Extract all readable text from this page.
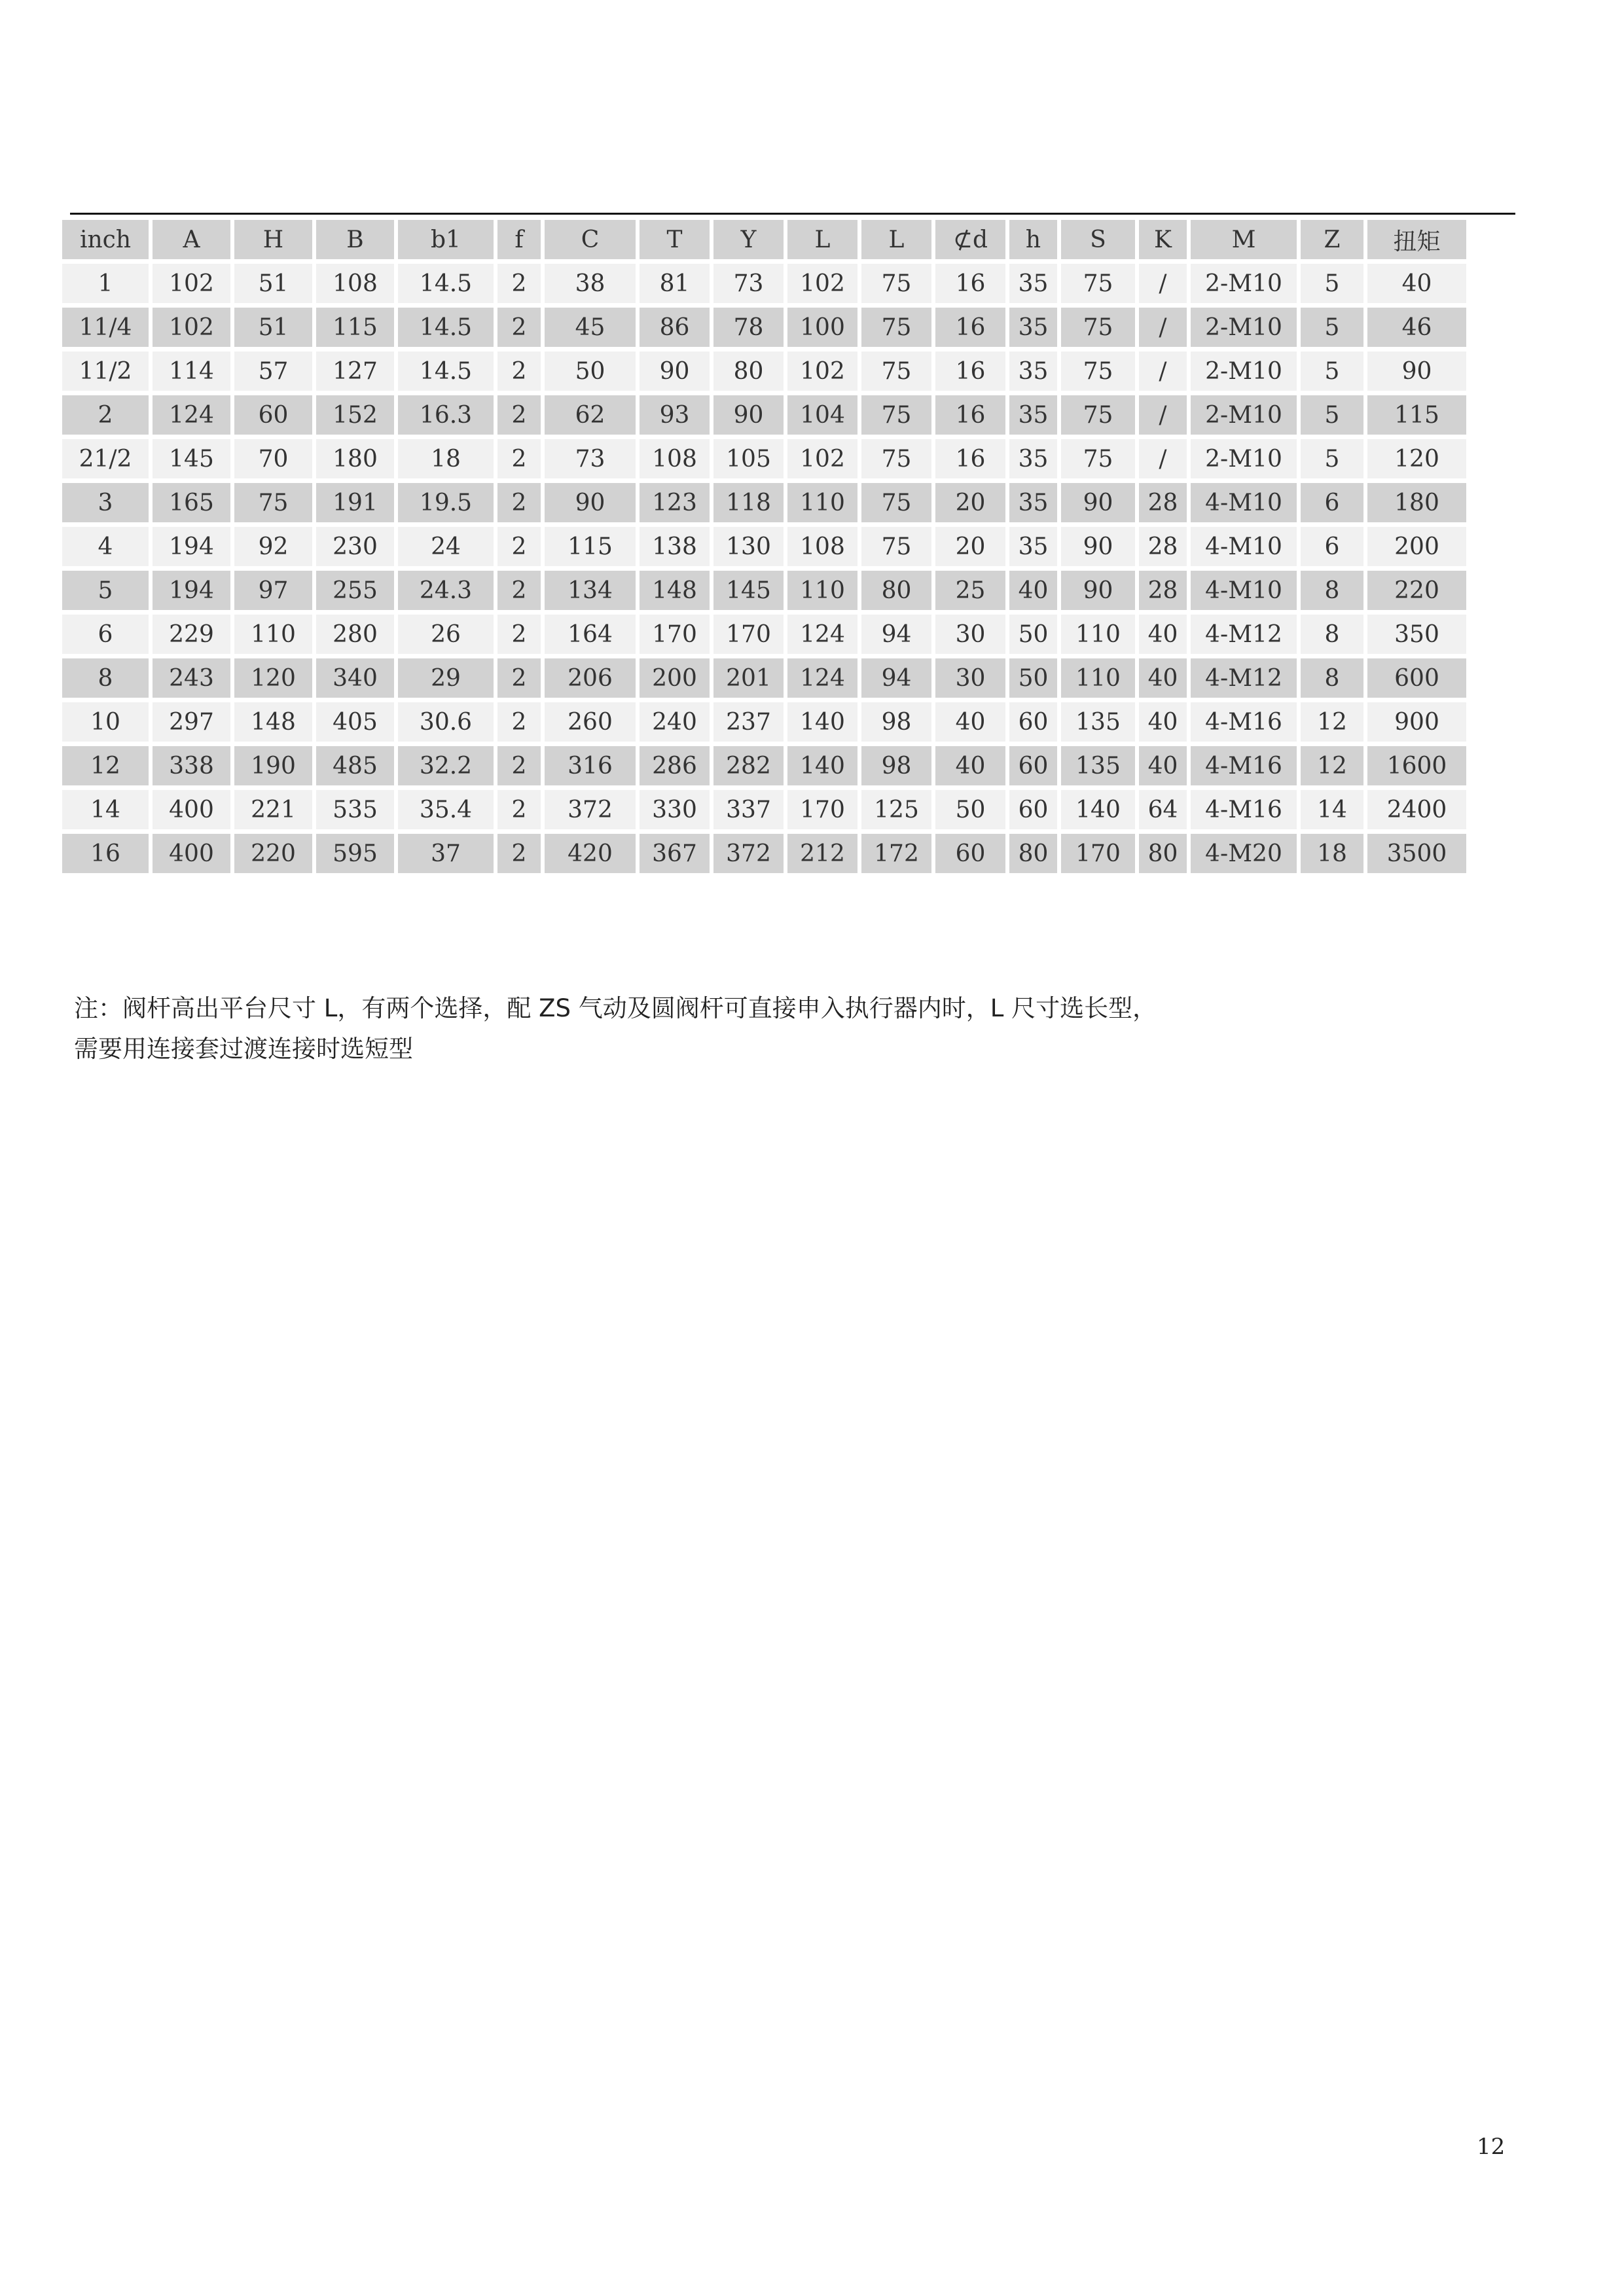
inch	A	H	B	b1	f	C	T	Y	L	L	⊄d	h	S	K	M	Z	扭矩
1	102	51	108	14.5	2	38	81	73	102	75	16	35	75	/	2-M10	5	40
11/4	102	51	115	14.5	2	45	86	78	100	75	16	35	75	/	2-M10	5	46
11/2	114	57	127	14.5	2	50	90	80	102	75	16	35	75	/	2-M10	5	90
2	124	60	152	16.3	2	62	93	90	104	75	16	35	75	/	2-M10	5	115
21/2	145	70	180	18	2	73	108	105	102	75	16	35	75	/	2-M10	5	120
3	165	75	191	19.5	2	90	123	118	110	75	20	35	90	28	4-M10	6	180
4	194	92	230	24	2	115	138	130	108	75	20	35	90	28	4-M10	6	200
5	194	97	255	24.3	2	134	148	145	110	80	25	40	90	28	4-M10	8	220
6	229	110	280	26	2	164	170	170	124	94	30	50	110	40	4-M12	8	350
8	243	120	340	29	2	206	200	201	124	94	30	50	110	40	4-M12	8	600
10	297	148	405	30.6	2	260	240	237	140	98	40	60	135	40	4-M16	12	900
12	338	190	485	32.2	2	316	286	282	140	98	40	60	135	40	4-M16	12	1600
14	400	221	535	35.4	2	372	330	337	170	125	50	60	140	64	4-M16	14	2400
16	400	220	595	37	2	420	367	372	212	172	60	80	170	80	4-M20	18	3500
注：阀杆高出平台尺寸 L，有两个选择，配 ZS 气动及圆阀杆可直接申入执行器内时，L 尺寸选长型，
需要用连接套过渡连接时选短型
12
